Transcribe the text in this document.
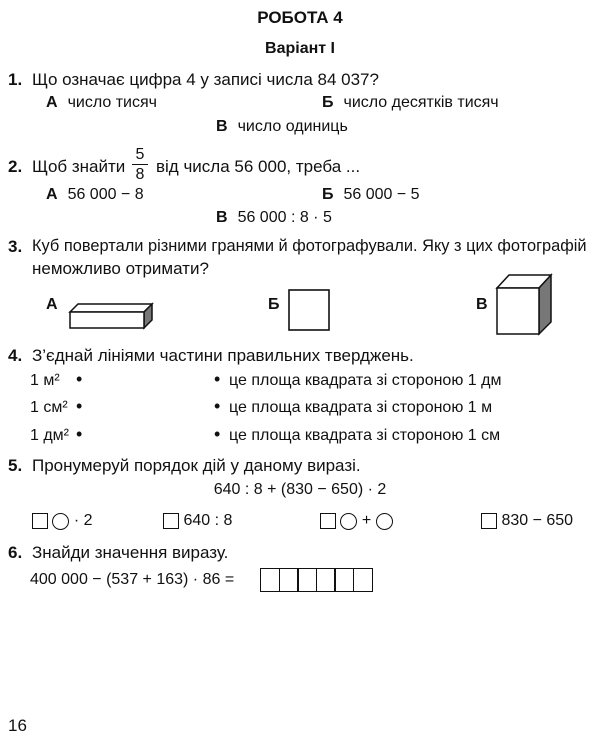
РОБОТА 4
Варіант І
1. Що означає цифра 4 у записі числа 84 037?
А число тисяч	Б число десятків тисяч
В число одиниць
2. Щоб знайти
5
8 від числа 56 000, треба ...
А 56 000 − 8	Б 56 000 − 5
В 56 000 : 8 · 5
3. Куб повертали різними гранями й фотографували. Яку з цих фотографій
неможливо отримати?
А	Б	В
4. З’єднай лініями частини правильних тверджень.
1 м² •	• це площа квадрата зі стороною 1 дм
1 см² •	• це площа квадрата зі стороною 1 м
1 дм² •	• це площа квадрата зі стороною 1 см
5. Пронумеруй порядок дій у даному виразі.
640 : 8 + (830 − 650) · 2
· 2	640 : 8	+	830 − 650
6. Знайди значення виразу.
400 000 − (537 + 163) · 86 =
16
